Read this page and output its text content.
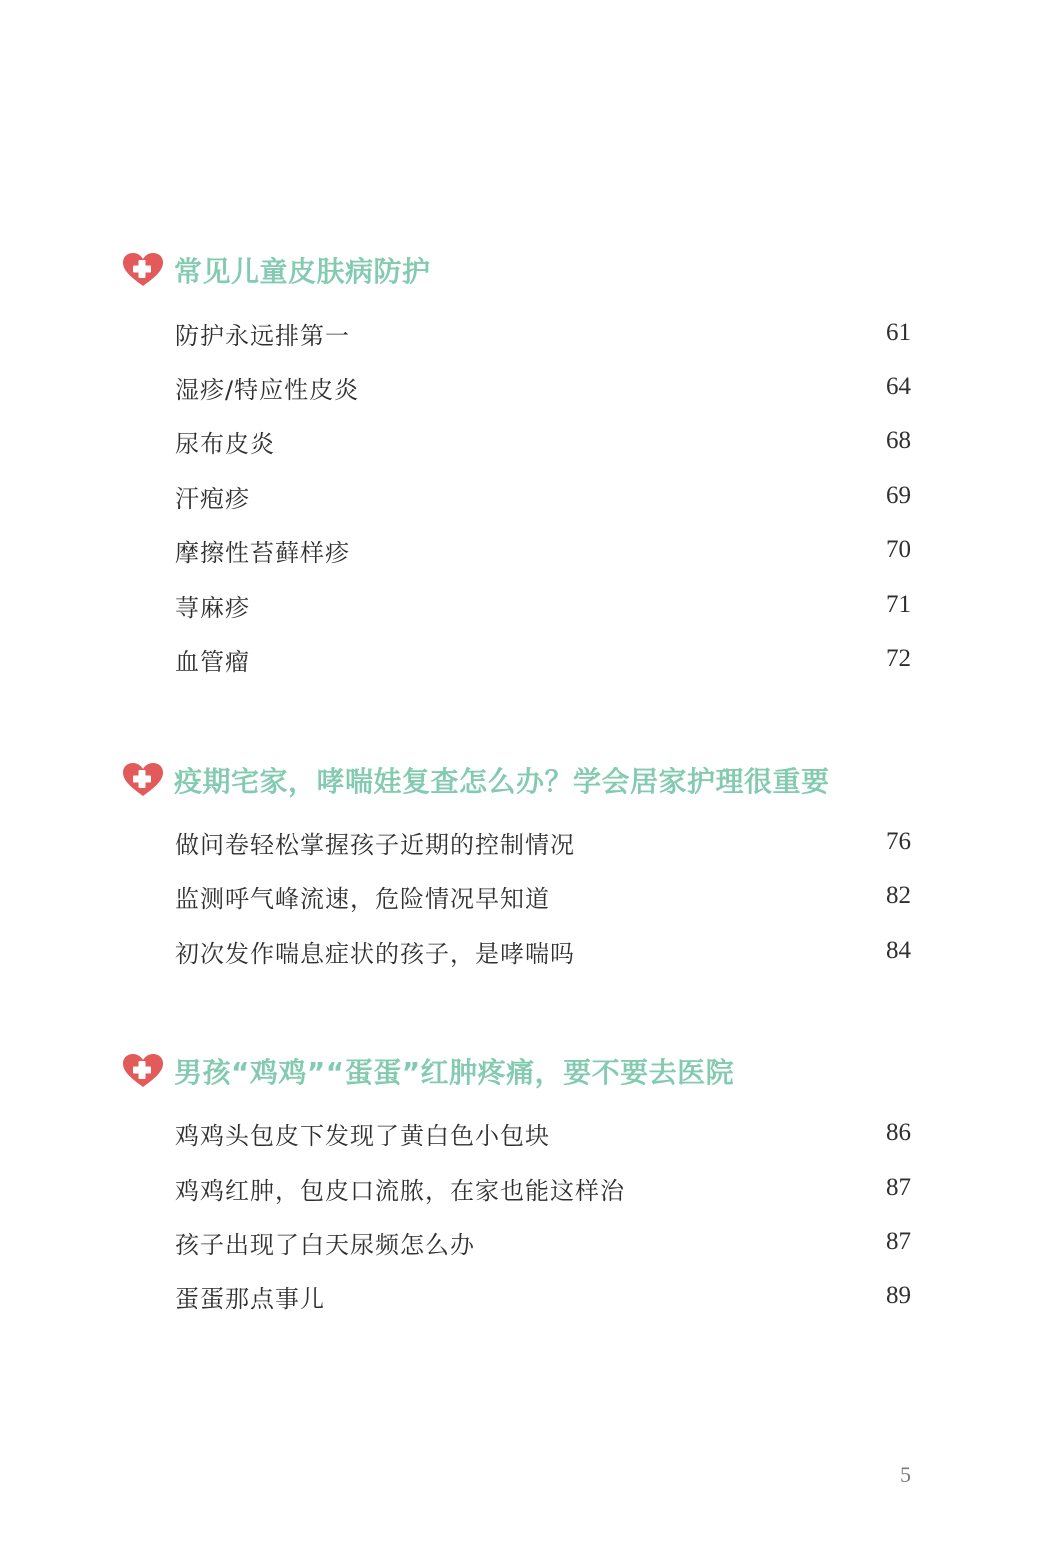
常见儿童皮肤病防护
防护永远排第一	61
湿疹/特应性皮炎	64
尿布皮炎	68
汗疱疹	69
摩擦性苔藓样疹	70
荨麻疹	71
血管瘤	72
疫期宅家，哮喘娃复查怎么办？学会居家护理很重要
做问卷轻松掌握孩子近期的控制情况	76
监测呼气峰流速，危险情况早知道	82
初次发作喘息症状的孩子，是哮喘吗	84
男孩“鸡鸡”“蛋蛋”红肿疼痛，要不要去医院
鸡鸡头包皮下发现了黄白色小包块	86
鸡鸡红肿，包皮口流脓，在家也能这样治	87
孩子出现了白天尿频怎么办	87
蛋蛋那点事儿	89
5
